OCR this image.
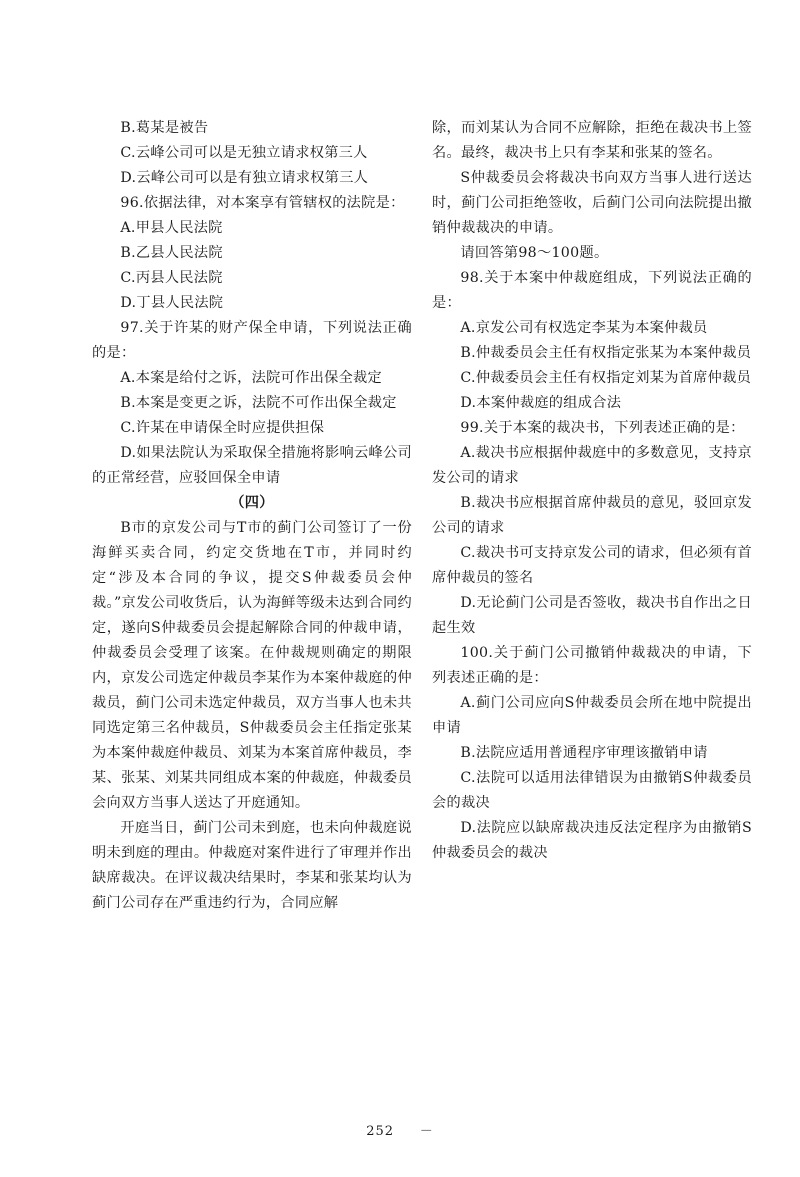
B.葛某是被告

C.云峰公司可以是无独立请求权第三人

D.云峰公司可以是有独立请求权第三人

96.依据法律，对本案享有管辖权的法院是：

A.甲县人民法院

B.乙县人民法院

C.丙县人民法院

D.丁县人民法院

97.关于许某的财产保全申请，下列说法正确的是：

A.本案是给付之诉，法院可作出保全裁定

B.本案是变更之诉，法院不可作出保全裁定

C.许某在申请保全时应提供担保

D.如果法院认为采取保全措施将影响云峰公司的正常经营，应驳回保全申请

（四）

B市的京发公司与T市的蓟门公司签订了一份海鲜买卖合同，约定交货地在T市，并同时约定“涉及本合同的争议，提交S仲裁委员会仲裁。”京发公司收货后，认为海鲜等级未达到合同约定，遂向S仲裁委员会提起解除合同的仲裁申请，仲裁委员会受理了该案。在仲裁规则确定的期限内，京发公司选定仲裁员李某作为本案仲裁庭的仲裁员，蓟门公司未选定仲裁员，双方当事人也未共同选定第三名仲裁员，S仲裁委员会主任指定张某为本案仲裁庭仲裁员、刘某为本案首席仲裁员，李某、张某、刘某共同组成本案的仲裁庭，仲裁委员会向双方当事人送达了开庭通知。

开庭当日，蓟门公司未到庭，也未向仲裁庭说明未到庭的理由。仲裁庭对案件进行了审理并作出缺席裁决。在评议裁决结果时，李某和张某均认为蓟门公司存在严重违约行为，合同应解

除，而刘某认为合同不应解除，拒绝在裁决书上签名。最终，裁决书上只有李某和张某的签名。

S仲裁委员会将裁决书向双方当事人进行送达时，蓟门公司拒绝签收，后蓟门公司向法院提出撤销仲裁裁决的申请。

请回答第98～100题。

98.关于本案中仲裁庭组成，下列说法正确的是：

A.京发公司有权选定李某为本案仲裁员

B.仲裁委员会主任有权指定张某为本案仲裁员

C.仲裁委员会主任有权指定刘某为首席仲裁员

D.本案仲裁庭的组成合法

99.关于本案的裁决书，下列表述正确的是：

A.裁决书应根据仲裁庭中的多数意见，支持京发公司的请求

B.裁决书应根据首席仲裁员的意见，驳回京发公司的请求

C.裁决书可支持京发公司的请求，但必须有首席仲裁员的签名

D.无论蓟门公司是否签收，裁决书自作出之日起生效

100.关于蓟门公司撤销仲裁裁决的申请，下列表述正确的是：

A.蓟门公司应向S仲裁委员会所在地中院提出申请

B.法院应适用普通程序审理该撤销申请

C.法院可以适用法律错误为由撤销S仲裁委员会的裁决

D.法院应以缺席裁决违反法定程序为由撤销S仲裁委员会的裁决

252 －
